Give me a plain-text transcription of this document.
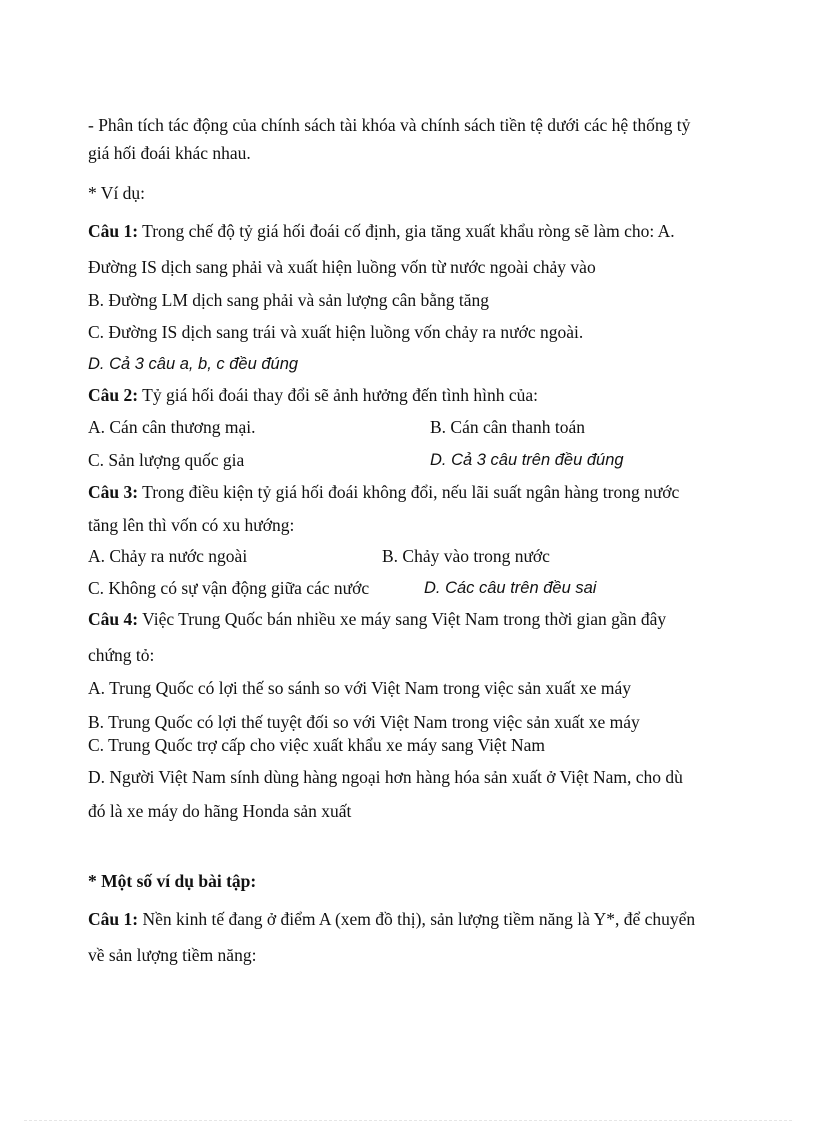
- Phân tích tác động của chính sách tài khóa và chính sách tiền tệ dưới các hệ thống tỷ
giá hối đoái khác nhau.
* Ví dụ:
Câu 1: Trong chế độ tỷ giá hối đoái cố định, gia tăng xuất khẩu ròng sẽ làm cho: A.
Đường IS dịch sang phải và xuất hiện luồng vốn từ nước ngoài chảy vào
B. Đường LM dịch sang phải và sản lượng cân bằng tăng
C. Đường IS dịch sang trái và xuất hiện luồng vốn chảy ra nước ngoài.
D. Cả 3 câu a, b, c đều đúng
Câu 2: Tỷ giá hối đoái thay đổi sẽ ảnh hưởng đến tình hình của:
A. Cán cân thương mại.	B. Cán cân thanh toán
C. Sản lượng quốc gia	D. Cả 3 câu trên đều đúng
Câu 3: Trong điều kiện tỷ giá hối đoái không đổi, nếu lãi suất ngân hàng trong nước
tăng lên thì vốn có xu hướng:
A. Chảy ra nước ngoài	B. Chảy vào trong nước
C. Không có sự vận động giữa các nước	D. Các câu trên đều sai
Câu 4: Việc Trung Quốc bán nhiều xe máy sang Việt Nam trong thời gian gần đây
chứng tỏ:
A. Trung Quốc có lợi thế so sánh so với Việt Nam trong việc sản xuất xe máy
B. Trung Quốc có lợi thế tuyệt đối so với Việt Nam trong việc sản xuất xe máy
C. Trung Quốc trợ cấp cho việc xuất khẩu xe máy sang Việt Nam
D. Người Việt Nam sính dùng hàng ngoại hơn hàng hóa sản xuất ở Việt Nam, cho dù
đó là xe máy do hãng Honda sản xuất
* Một số ví dụ bài tập:
Câu 1: Nền kinh tế đang ở điểm A (xem đồ thị), sản lượng tiềm năng là Y*, để chuyển
về sản lượng tiềm năng:
